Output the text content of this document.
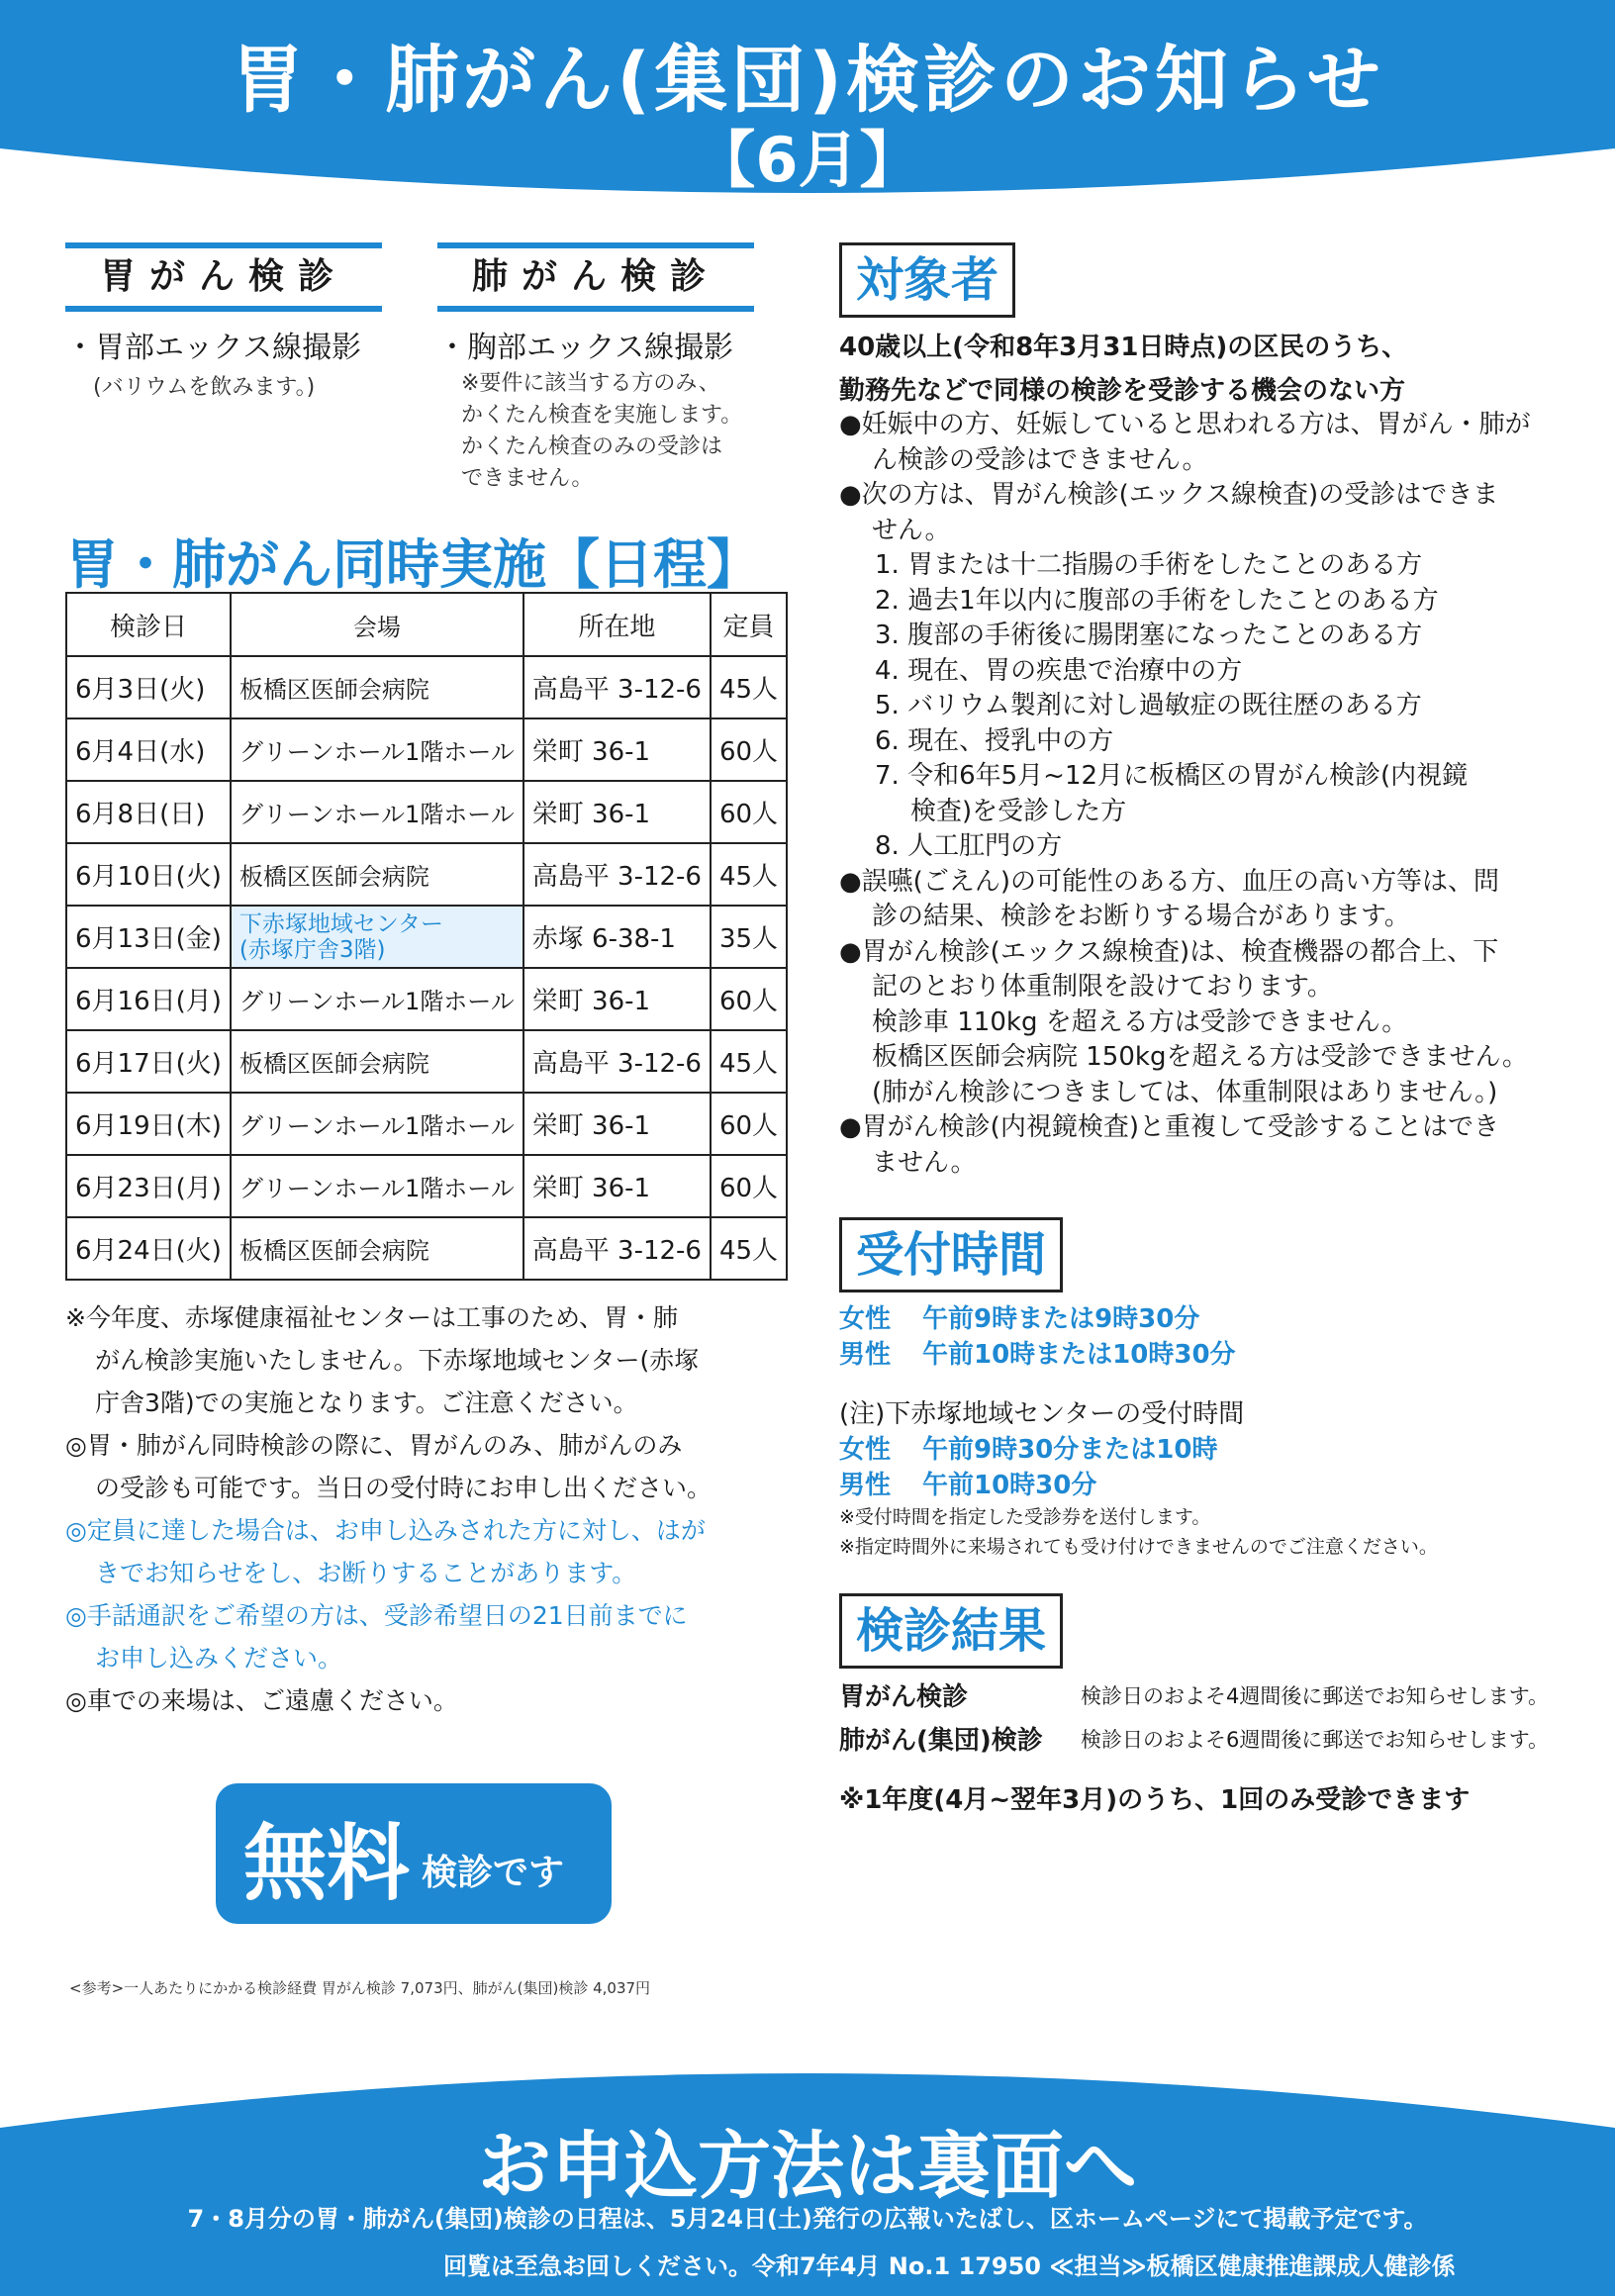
胃・肺がん(集団)検診のお知らせ
【6月】
胃がん検診	肺がん検診
・胃部エックス線撮影
(バリウムを飲みます。)
・胸部エックス線撮影
※要件に該当する方のみ、
かくたん検査を実施します。
かくたん検査のみの受診は
できません。
胃・肺がん同時実施【日程】
検診日	会場	所在地	定員
6月3日(火)	板橋区医師会病院	高島平 3-12-6	45人
6月4日(水)	グリーンホール1階ホール	栄町 36-1	60人
6月8日(日)	グリーンホール1階ホール	栄町 36-1	60人
6月10日(火)	板橋区医師会病院	高島平 3-12-6	45人
6月13日(金)	下赤塚地域センター
(赤塚庁舎3階)	赤塚 6-38-1	35人
6月16日(月)	グリーンホール1階ホール	栄町 36-1	60人
6月17日(火)	板橋区医師会病院	高島平 3-12-6	45人
6月19日(木)	グリーンホール1階ホール	栄町 36-1	60人
6月23日(月)	グリーンホール1階ホール	栄町 36-1	60人
6月24日(火)	板橋区医師会病院	高島平 3-12-6	45人

※今年度、赤塚健康福祉センターは工事のため、胃・肺

がん検診実施いたしません。下赤塚地域センター(赤塚

庁舎3階)での実施となります。ご注意ください。

◎胃・肺がん同時検診の際に、胃がんのみ、肺がんのみ

の受診も可能です。当日の受付時にお申し出ください。

◎定員に達した場合は、お申し込みされた方に対し、はが

きでお知らせをし、お断りすることがあります。

◎手話通訳をご希望の方は、受診希望日の21日前までに

お申し込みください。

◎車での来場は、ご遠慮ください。

無料 検診です
<参考>一人あたりにかかる検診経費 胃がん検診 7,073円、肺がん(集団)検診 4,037円
対象者
40歳以上(令和8年3月31日時点)の区民のうち、
勤務先などで同様の検診を受診する機会のない方

●妊娠中の方、妊娠していると思われる方は、胃がん・肺が

ん検診の受診はできません。

●次の方は、胃がん検診(エックス線検査)の受診はできま

せん。

1. 胃または十二指腸の手術をしたことのある方

2. 過去1年以内に腹部の手術をしたことのある方

3. 腹部の手術後に腸閉塞になったことのある方

4. 現在、胃の疾患で治療中の方

5. バリウム製剤に対し過敏症の既往歴のある方

6. 現在、授乳中の方

7. 令和6年5月~12月に板橋区の胃がん検診(内視鏡

検査)を受診した方

8. 人工肛門の方

●誤嚥(ごえん)の可能性のある方、血圧の高い方等は、問

診の結果、検診をお断りする場合があります。

●胃がん検診(エックス線検査)は、検査機器の都合上、下

記のとおり体重制限を設けております。

検診車 110kg を超える方は受診できません。

板橋区医師会病院 150kgを超える方は受診できません。

(肺がん検診につきましては、体重制限はありません。)

●胃がん検診(内視鏡検査)と重複して受診することはでき

ません。

受付時間
女性 午前9時または9時30分
男性 午前10時または10時30分
(注)下赤塚地域センターの受付時間
女性 午前9時30分または10時
男性 午前10時30分
※受付時間を指定した受診券を送付します。
※指定時間外に来場されても受け付けできませんのでご注意ください。
検診結果
胃がん検診	検診日のおよそ4週間後に郵送でお知らせします。
肺がん(集団)検診 検診日のおよそ6週間後に郵送でお知らせします。
※1年度(4月~翌年3月)のうち、1回のみ受診できます
お申込方法は裏面へ
7・8月分の胃・肺がん(集団)検診の日程は、5月24日(土)発行の広報いたばし、区ホームページにて掲載予定です。
回覧は至急お回しください。令和7年4月 No.1 17950 ≪担当≫板橋区健康推進課成人健診係
